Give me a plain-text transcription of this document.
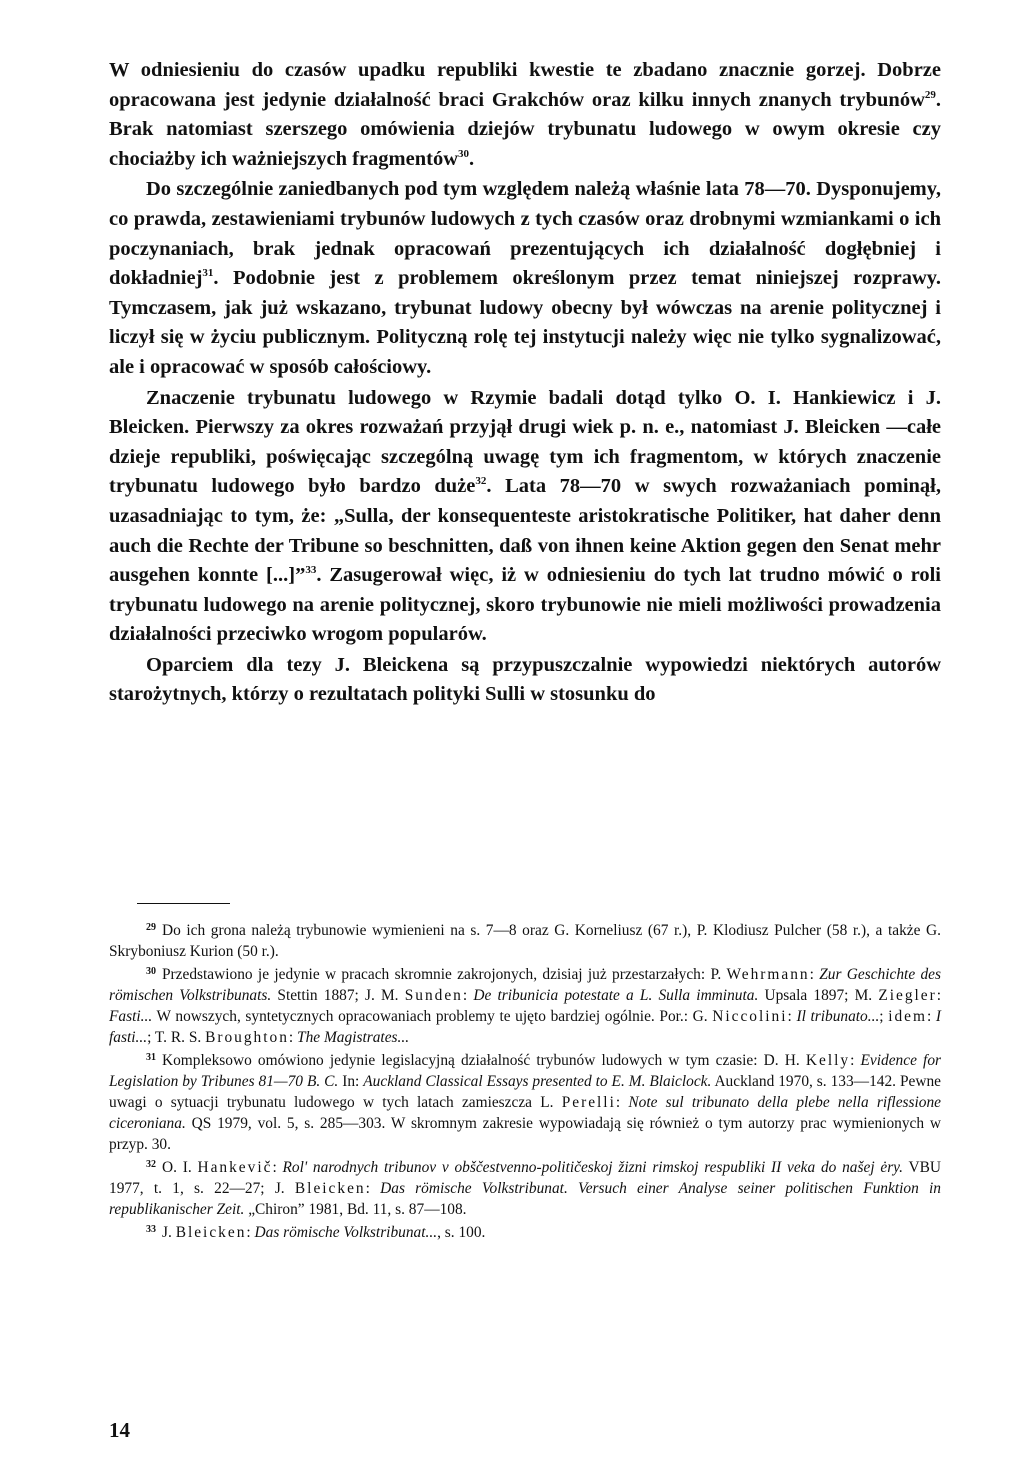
W odniesieniu do czasów upadku republiki kwestie te zbadano znacznie gorzej. Dobrze opracowana jest jedynie działalność braci Grakchów oraz kilku innych znanych trybunów$^{29}$. Brak natomiast szerszego omówienia dziejów trybunatu ludowego w owym okresie czy chociażby ich ważniejszych fragmentów$^{30}$.

Do szczególnie zaniedbanych pod tym względem należą właśnie lata 78—70. Dysponujemy, co prawda, zestawieniami trybunów ludowych z tych czasów oraz drobnymi wzmiankami o ich poczynaniach, brak jednak opracowań prezentujących ich działalność dogłębniej i dokładniej$^{31}$. Podobnie jest z problemem określonym przez temat niniejszej rozprawy. Tymczasem, jak już wskazano, trybunat ludowy obecny był wówczas na arenie politycznej i liczył się w życiu publicznym. Polityczną rolę tej instytucji należy więc nie tylko sygnalizować, ale i opracować w sposób całościowy.

Znaczenie trybunatu ludowego w Rzymie badali dotąd tylko O. I. Hankiewicz i J. Bleicken. Pierwszy za okres rozważań przyjął drugi wiek p. n. e., natomiast J. Bleicken —całe dzieje republiki, poświęcając szczególną uwagę tym ich fragmentom, w których znaczenie trybunatu ludowego było bardzo duże$^{32}$. Lata 78—70 w swych rozważaniach pominął, uzasadniając to tym, że: „Sulla, der konsequenteste aristokratische Politiker, hat daher denn auch die Rechte der Tribune so beschnitten, daß von ihnen keine Aktion gegen den Senat mehr ausgehen konnte [...]”$^{33}$. Zasugerował więc, iż w odniesieniu do tych lat trudno mówić o roli trybunatu ludowego na arenie politycznej, skoro trybunowie nie mieli możliwości prowadzenia działalności przeciwko wrogom popularów.

Oparciem dla tezy J. Bleickena są przypuszczalnie wypowiedzi niektórych autorów starożytnych, którzy o rezultatach polityki Sulli w stosunku do

$^{29}$ Do ich grona należą trybunowie wymienieni na s. 7—8 oraz G. Korneliusz (67 r.), P. Klodiusz Pulcher (58 r.), a także G. Skryboniusz Kurion (50 r.).

$^{30}$ Przedstawiono je jedynie w pracach skromnie zakrojonych, dzisiaj już przestarzałych: P. Wehrmann: Zur Geschichte des römischen Volkstribunats. Stettin 1887; J. M. Sunden: De tribunicia potestate a L. Sulla imminuta. Upsala 1897; M. Ziegler: Fasti... W nowszych, syntetycznych opracowaniach problemy te ujęto bardziej ogólnie. Por.: G. Niccolini: Il tribunato...; idem: I fasti...; T. R. S. Broughton: The Magistrates...

$^{31}$ Kompleksowo omówiono jedynie legislacyjną działalność trybunów ludowych w tym czasie: D. H. Kelly: Evidence for Legislation by Tribunes 81—70 B. C. In: Auckland Classical Essays presented to E. M. Blaiclock. Auckland 1970, s. 133—142. Pewne uwagi o sytuacji trybunatu ludowego w tych latach zamieszcza L. Perelli: Note sul tribunato della plebe nella riflessione ciceroniana. QS 1979, vol. 5, s. 285—303. W skromnym zakresie wypowiadają się również o tym autorzy prac wymienionych w przyp. 30.

$^{32}$ O. I. Hankevič: Rol' narodnych tribunov v obščestvenno-političeskoj žizni rimskoj respubliki II veka do našej ėry. VBU 1977, t. 1, s. 22—27; J. Bleicken: Das römische Volkstribunat. Versuch einer Analyse seiner politischen Funktion in republikanischer Zeit. „Chiron” 1981, Bd. 11, s. 87—108.

$^{33}$ J. Bleicken: Das römische Volkstribunat..., s. 100.

14
